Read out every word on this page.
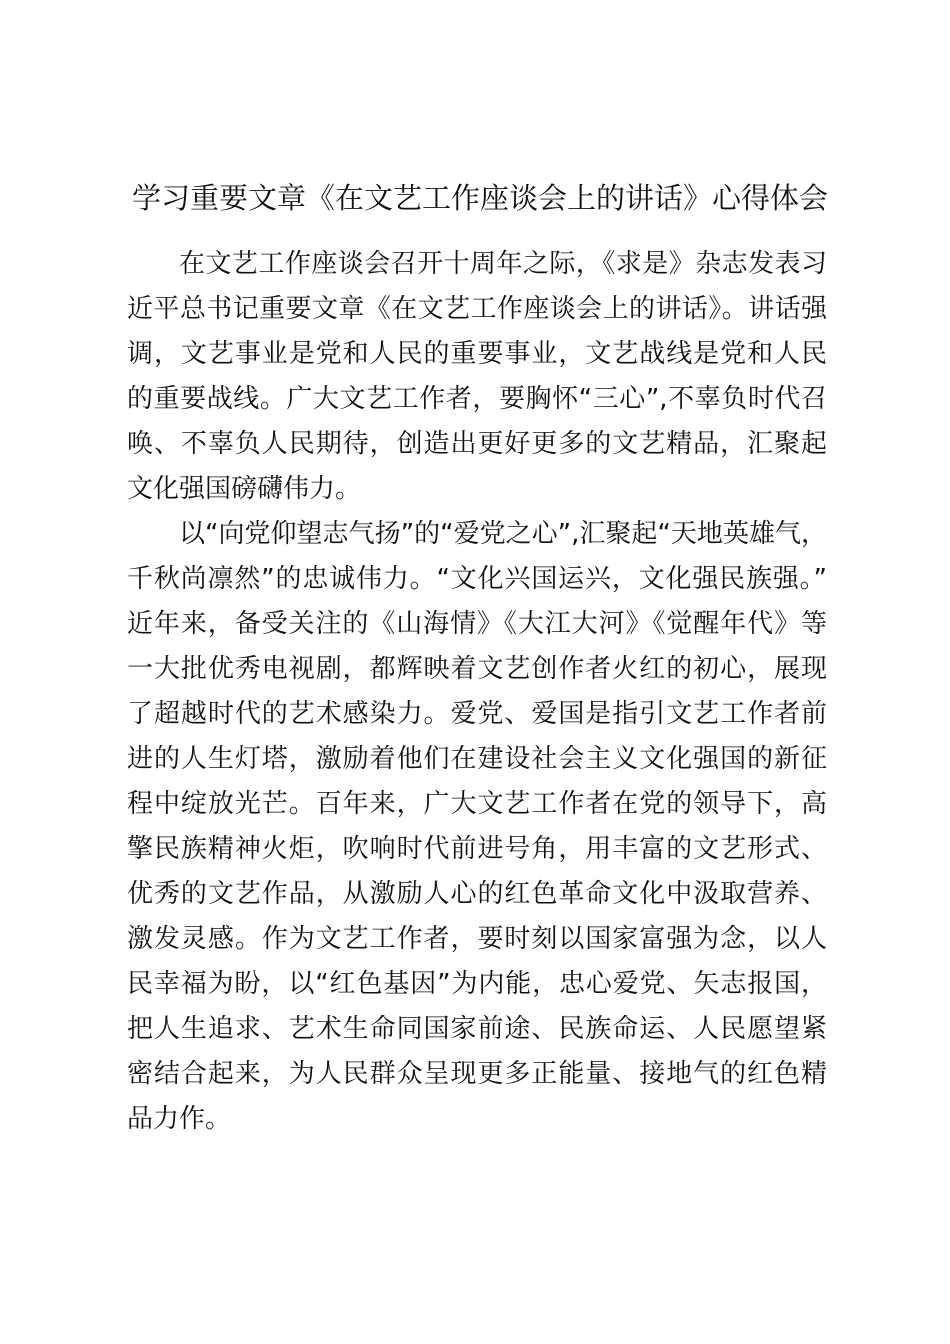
学习重要文章《在文艺工作座谈会上的讲话》心得体会

在文艺工作座谈会召开十周年之际，《求是》杂志发表习近平总书记重要文章《在文艺工作座谈会上的讲话》。讲话强调，文艺事业是党和人民的重要事业，文艺战线是党和人民的重要战线。广大文艺工作者，要胸怀“三心”,不辜负时代召唤、不辜负人民期待，创造出更好更多的文艺精品，汇聚起文化强国磅礴伟力。

以“向党仰望志气扬”的“爱党之心”,汇聚起“天地英雄气，千秋尚凛然”的忠诚伟力。“文化兴国运兴，文化强民族强。”近年来，备受关注的《山海情》《大江大河》《觉醒年代》等一大批优秀电视剧，都辉映着文艺创作者火红的初心，展现了超越时代的艺术感染力。爱党、爱国是指引文艺工作者前进的人生灯塔，激励着他们在建设社会主义文化强国的新征程中绽放光芒。百年来，广大文艺工作者在党的领导下，高擎民族精神火炬，吹响时代前进号角，用丰富的文艺形式、优秀的文艺作品，从激励人心的红色革命文化中汲取营养、激发灵感。作为文艺工作者，要时刻以国家富强为念，以人民幸福为盼，以“红色基因”为内能，忠心爱党、矢志报国，把人生追求、艺术生命同国家前途、民族命运、人民愿望紧密结合起来，为人民群众呈现更多正能量、接地气的红色精品力作。
